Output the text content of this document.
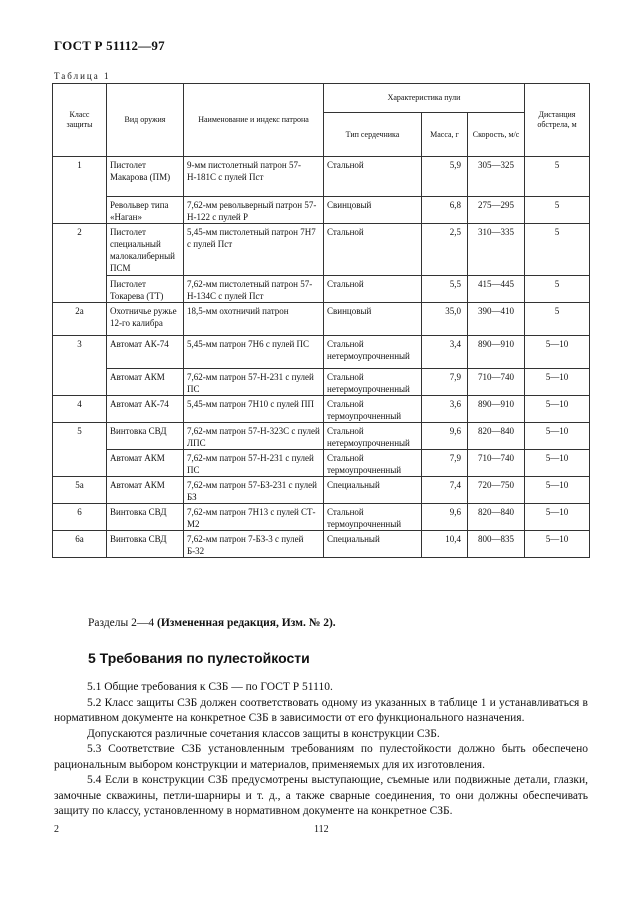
ГОСТ Р 51112—97
Таблица 1
Класс защиты	Вид оружия	Наименование и индекс патрона	Характеристика пули			Дистанция обстрела, м
			Тип сердечника	Масса, г	Скорость, м/с	
1	Пистолет Макарова (ПМ)	9-мм пистолетный патрон 57-Н-181С с пулей Пст	Стальной	5,9	305—325	5
	Револьвер типа «Наган»	7,62-мм револьверный патрон 57-Н-122 с пулей Р	Свинцовый	6,8	275—295	5
2	Пистолет специальный малокалиберный ПСМ	5,45-мм пистолетный патрон 7Н7 с пулей Пст	Стальной	2,5	310—335	5
	Пистолет Токарева (ТТ)	7,62-мм пистолетный патрон 57-Н-134С с пулей Пст	Стальной	5,5	415—445	5
2а	Охотничье ружье 12-го калибра	18,5-мм охотничий патрон	Свинцовый	35,0	390—410	5
3	Автомат АК-74	5,45-мм патрон 7Н6 с пулей ПС	Стальной нетермоупрочненный	3,4	890—910	5—10
	Автомат АКМ	7,62-мм патрон 57-Н-231 с пулей ПС	Стальной нетермоупрочненный	7,9	710—740	5—10
4	Автомат АК-74	5,45-мм патрон 7Н10 с пулей ПП	Стальной термоупрочненный	3,6	890—910	5—10
5	Винтовка СВД	7,62-мм патрон 57-Н-323С с пулей ЛПС	Стальной нетермоупрочненный	9,6	820—840	5—10
	Автомат АКМ	7,62-мм патрон 57-Н-231 с пулей ПС	Стальной термоупрочненный	7,9	710—740	5—10
5а	Автомат АКМ	7,62-мм патрон 57-БЗ-231 с пулей БЗ	Специальный	7,4	720—750	5—10
6	Винтовка СВД	7,62-мм патрон 7Н13 с пулей СТ-М2	Стальной термоупрочненный	9,6	820—840	5—10
6а	Винтовка СВД	7,62-мм патрон 7-БЗ-3 с пулей Б-32	Специальный	10,4	800—835	5—10
Разделы 2—4 (Измененная редакция, Изм. № 2).
5 Требования по пулестойкости

5.1 Общие требования к СЗБ — по ГОСТ Р 51110.

5.2 Класс защиты СЗБ должен соответствовать одному из указанных в таблице 1 и устанавливаться в нормативном документе на конкретное СЗБ в зависимости от его функционального назначения.

Допускаются различные сочетания классов защиты в конструкции СЗБ.

5.3 Соответствие СЗБ установленным требованиям по пулестойкости должно быть обеспечено рациональным выбором конструкции и материалов, применяемых для их изготовления.

5.4 Если в конструкции СЗБ предусмотрены выступающие, съемные или подвижные детали, глазки, замочные скважины, петли-шарниры и т. д., а также сварные соединения, то они должны обеспечивать защиту по классу, установленному в нормативном документе на конкретное СЗБ.

2	112
